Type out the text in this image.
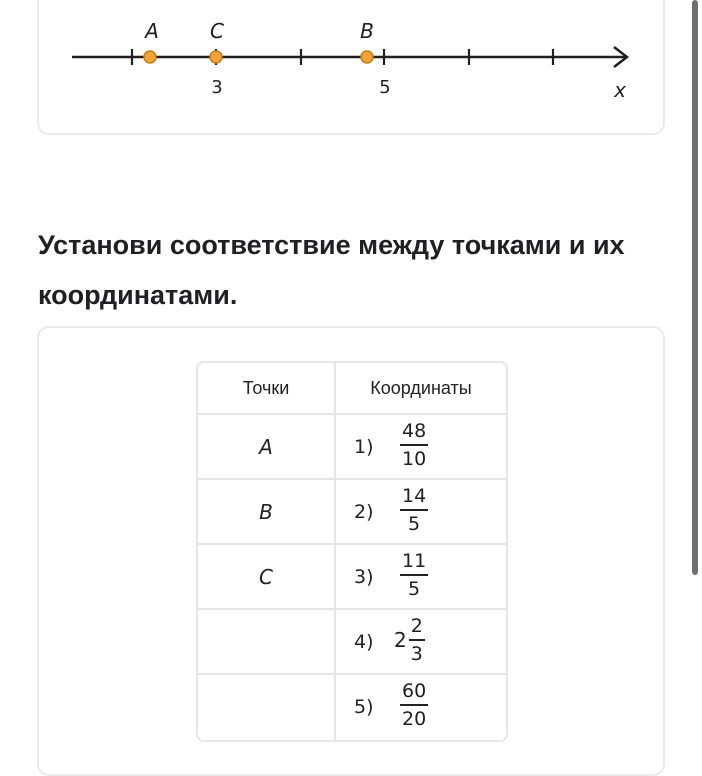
A	C	B
x
3	5

Установи соответствие между точками и их координатами.

Точки	Координаты
A	$1) \frac{48}{10}$

B	$2) \frac{14}{5}$

C	$3) \frac{11}{5}$

	4) $2 \frac{2}{3}$

	$5) \frac{60}{20}$
